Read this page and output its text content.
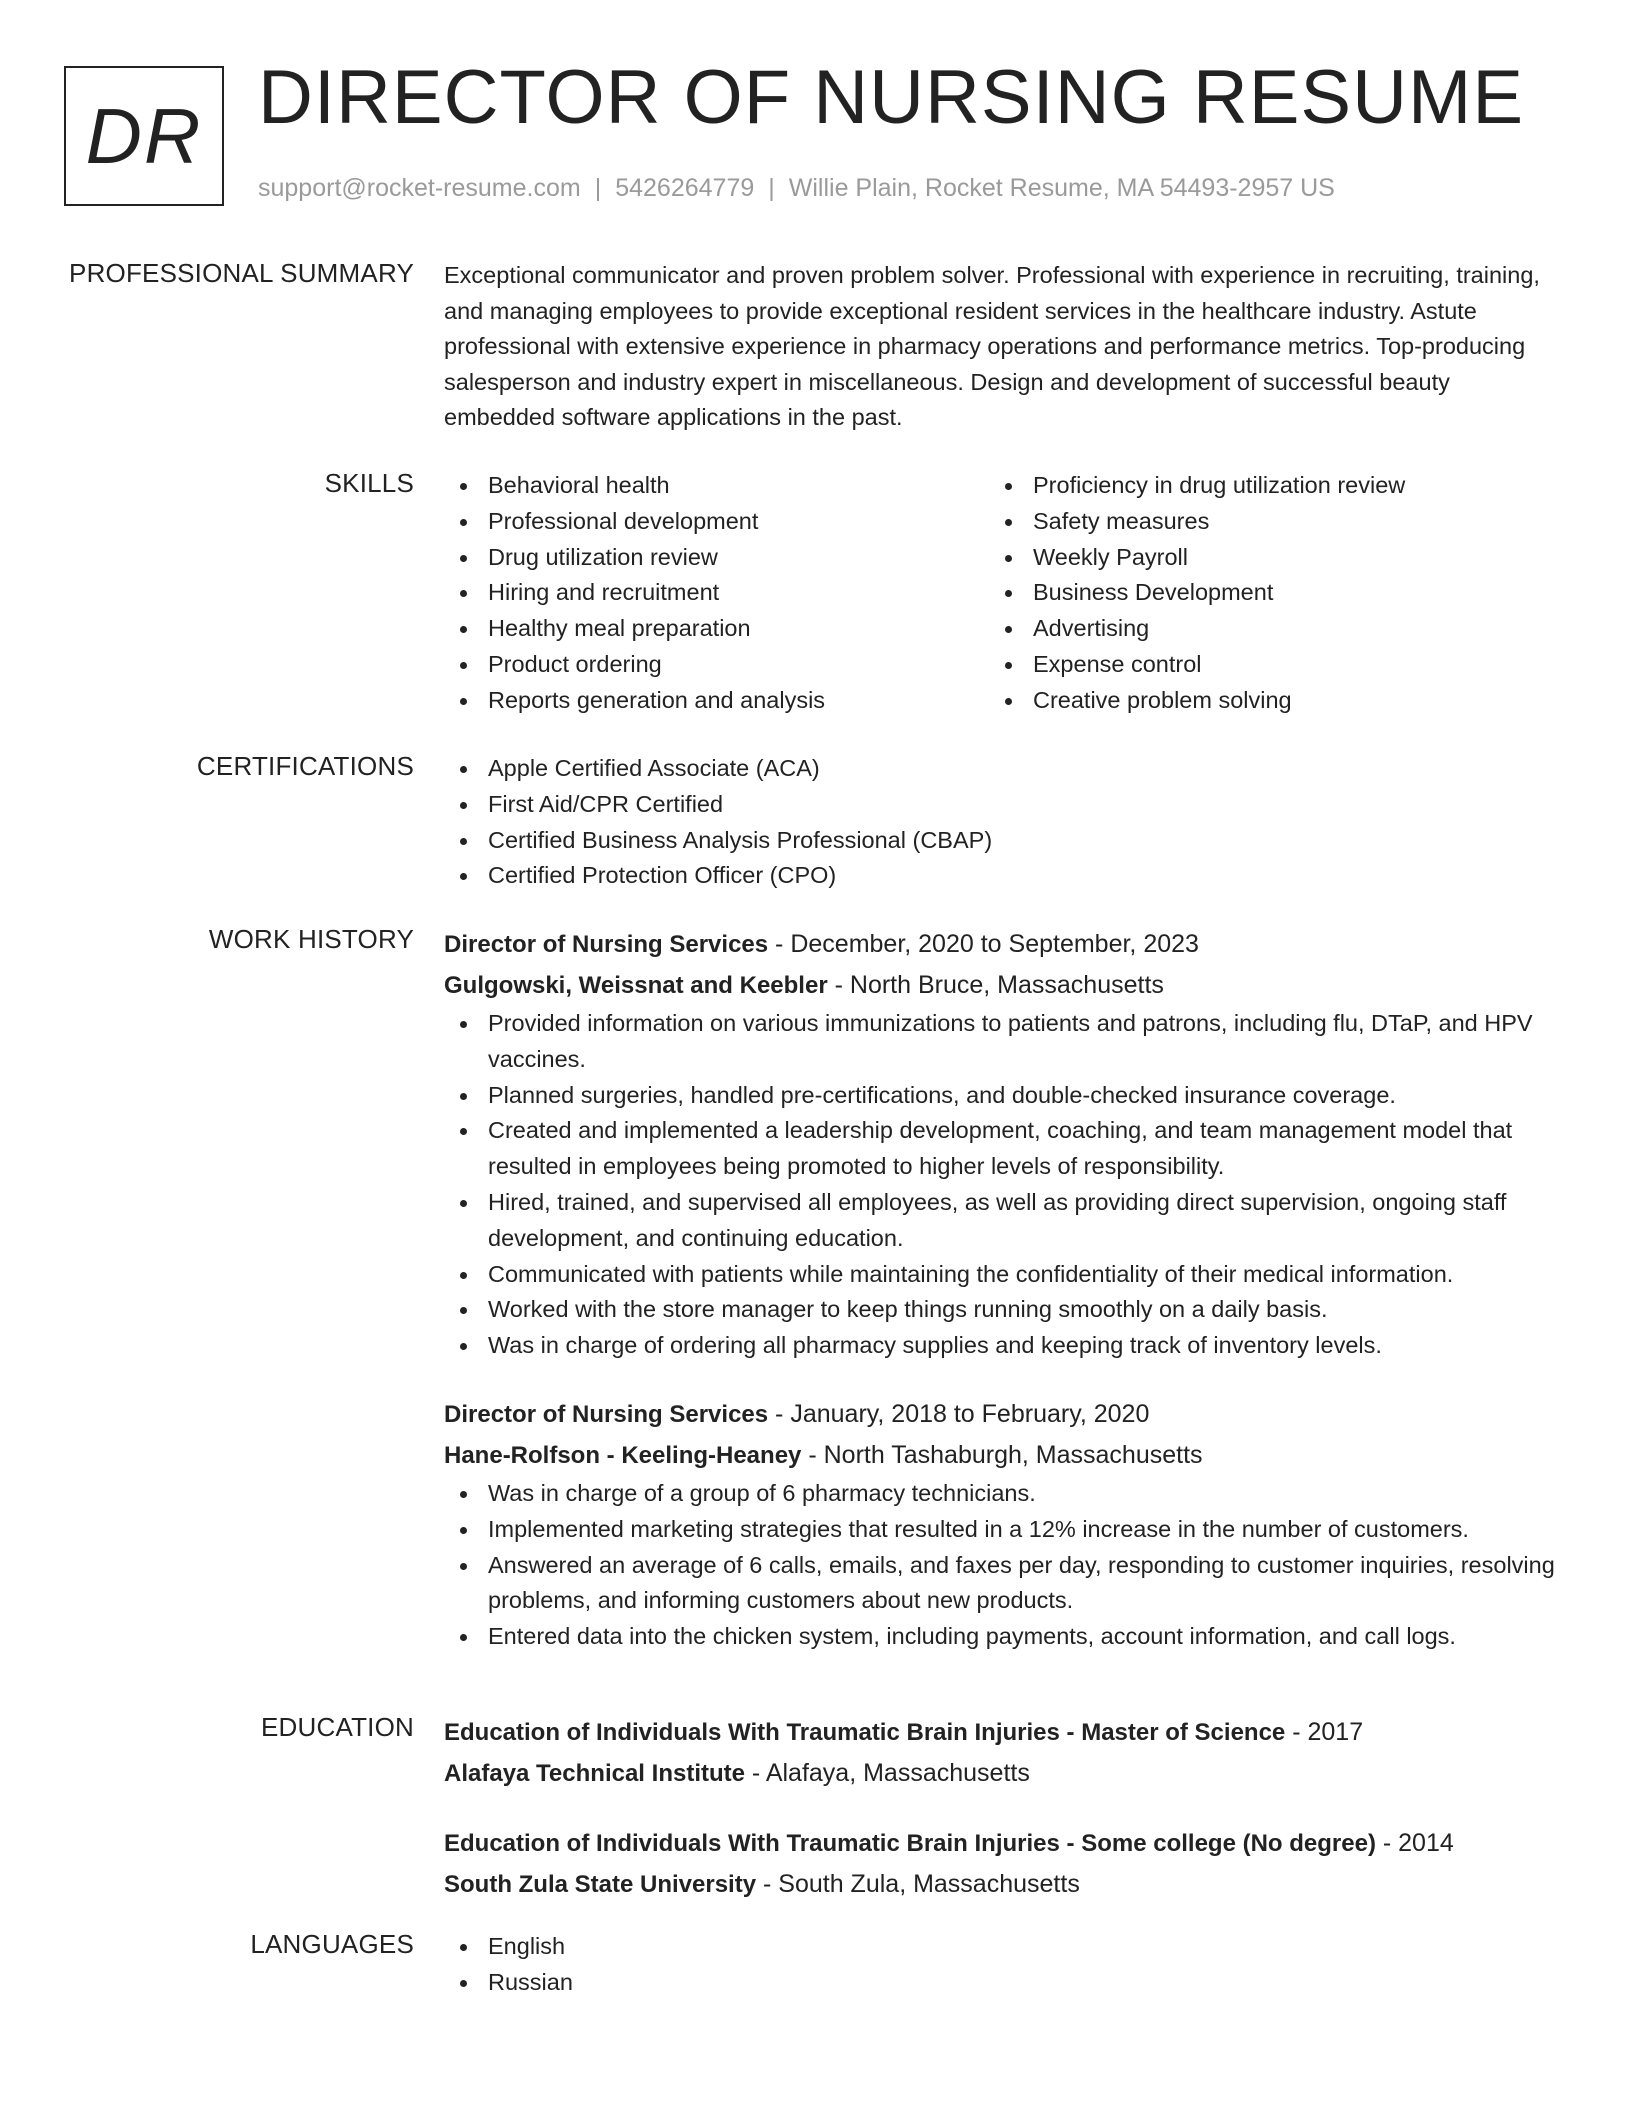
DR DIRECTOR OF NURSING RESUME
support@rocket-resume.com | 5426264779 | Willie Plain, Rocket Resume, MA 54493-2957 US
PROFESSIONAL SUMMARY Exceptional communicator and proven problem solver. Professional with experience in recruiting, training, and managing employees to provide exceptional resident services in the healthcare industry. Astute professional with extensive experience in pharmacy operations and performance metrics. Top-producing salesperson and industry expert in miscellaneous. Design and development of successful beauty embedded software applications in the past.

SKILLS	Behavioral health
Professional development
Drug utilization review
Hiring and recruitment
Healthy meal preparation
Product ordering
Reports generation and analysis
Proficiency in drug utilization review
Safety measures
Weekly Payroll
Business Development
Advertising
Expense control
Creative problem solving
CERTIFICATIONS	Apple Certified Associate (ACA)
First Aid/CPR Certified
Certified Business Analysis Professional (CBAP)
Certified Protection Officer (CPO)
WORK HISTORY Director of Nursing Services - December, 2020 to September, 2023
Gulgowski, Weissnat and Keebler - North Bruce, Massachusetts
Provided information on various immunizations to patients and patrons, including flu, DTaP, and HPV vaccines.
Planned surgeries, handled pre-certifications, and double-checked insurance coverage.
Created and implemented a leadership development, coaching, and team management model that resulted in employees being promoted to higher levels of responsibility.
Hired, trained, and supervised all employees, as well as providing direct supervision, ongoing staff development, and continuing education.
Communicated with patients while maintaining the confidentiality of their medical information.
Worked with the store manager to keep things running smoothly on a daily basis.
Was in charge of ordering all pharmacy supplies and keeping track of inventory levels.
Director of Nursing Services - January, 2018 to February, 2020
Hane-Rolfson - Keeling-Heaney - North Tashaburgh, Massachusetts
Was in charge of a group of 6 pharmacy technicians.
Implemented marketing strategies that resulted in a 12% increase in the number of customers.
Answered an average of 6 calls, emails, and faxes per day, responding to customer inquiries, resolving problems, and informing customers about new products.
Entered data into the chicken system, including payments, account information, and call logs.
EDUCATION Education of Individuals With Traumatic Brain Injuries - Master of Science - 2017
Alafaya Technical Institute - Alafaya, Massachusetts
Education of Individuals With Traumatic Brain Injuries - Some college (No degree) - 2014
South Zula State University - South Zula, Massachusetts
LANGUAGES	English
Russian
